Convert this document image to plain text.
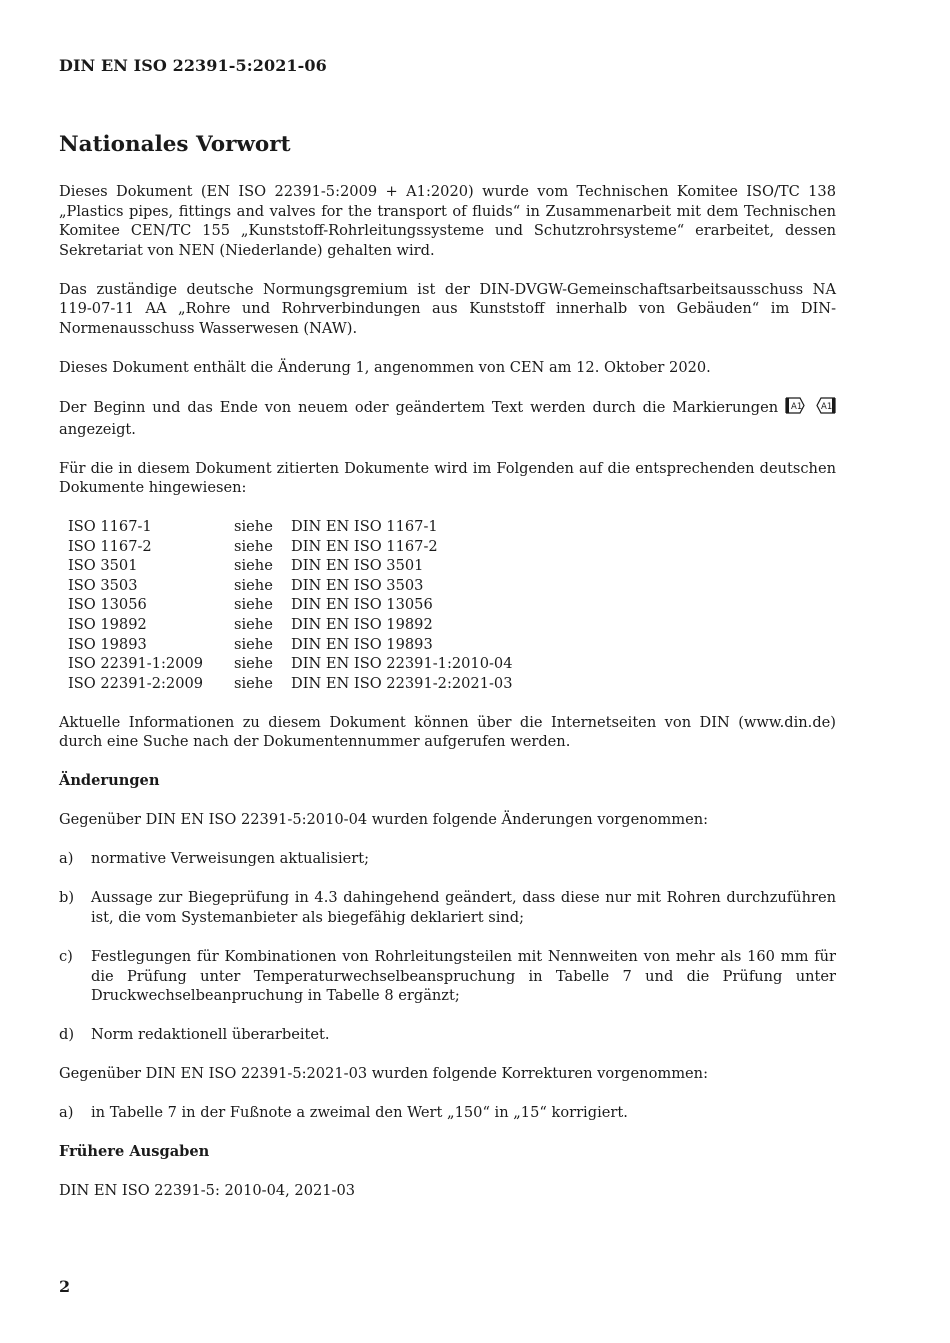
DIN EN ISO 22391-5:2021-06
Nationales Vorwort

Dieses Dokument (EN ISO 22391-5:2009 + A1:2020) wurde vom Technischen Komitee ISO/TC 138 „Plastics pipes, fittings and valves for the transport of fluids“ in Zusammenarbeit mit dem Technischen Komitee CEN/TC 155 „Kunststoff-Rohrleitungssysteme und Schutzrohrsysteme“ erarbeitet, dessen Sekretariat von NEN (Niederlande) gehalten wird.

Das zuständige deutsche Normungsgremium ist der DIN-DVGW-Gemeinschaftsarbeitsausschuss NA 119-07-11 AA „Rohre und Rohrverbindungen aus Kunststoff innerhalb von Gebäuden“ im DIN-Normenausschuss Wasserwesen (NAW).

Dieses Dokument enthält die Änderung 1, angenommen von CEN am 12. Oktober 2020.

Der Beginn und das Ende von neuem oder geändertem Text werden durch die Markierungen A1
A1
angezeigt.

Für die in diesem Dokument zitierten Dokumente wird im Folgenden auf die entsprechenden deutschen Dokumente hingewiesen:

ISO 1167-1	siehe	DIN EN ISO 1167-1
ISO 1167-2	siehe	DIN EN ISO 1167-2
ISO 3501	siehe	DIN EN ISO 3501
ISO 3503	siehe	DIN EN ISO 3503
ISO 13056	siehe	DIN EN ISO 13056
ISO 19892	siehe	DIN EN ISO 19892
ISO 19893	siehe	DIN EN ISO 19893
ISO 22391-1:2009	siehe	DIN EN ISO 22391-1:2010-04
ISO 22391-2:2009	siehe	DIN EN ISO 22391-2:2021-03

Aktuelle Informationen zu diesem Dokument können über die Internetseiten von DIN (www.din.de) durch eine Suche nach der Dokumentennummer aufgerufen werden.

Änderungen

Gegenüber DIN EN ISO 22391-5:2010-04 wurden folgende Änderungen vorgenommen:

a)	normative Verweisungen aktualisiert;
b)	Aussage zur Biegeprüfung in 4.3 dahingehend geändert, dass diese nur mit Rohren durchzuführen ist, die vom Systemanbieter als biegefähig deklariert sind;
c)	Festlegungen für Kombinationen von Rohrleitungsteilen mit Nennweiten von mehr als 160 mm für die Prüfung unter Temperaturwechselbeanspruchung in Tabelle 7 und die Prüfung unter Druckwechselbeanpruchung in Tabelle 8 ergänzt;
d)	Norm redaktionell überarbeitet.

Gegenüber DIN EN ISO 22391-5:2021-03 wurden folgende Korrekturen vorgenommen:

a)	in Tabelle 7 in der Fußnote a zweimal den Wert „150“ in „15“ korrigiert.

Frühere Ausgaben

DIN EN ISO 22391-5: 2010-04, 2021-03

2
